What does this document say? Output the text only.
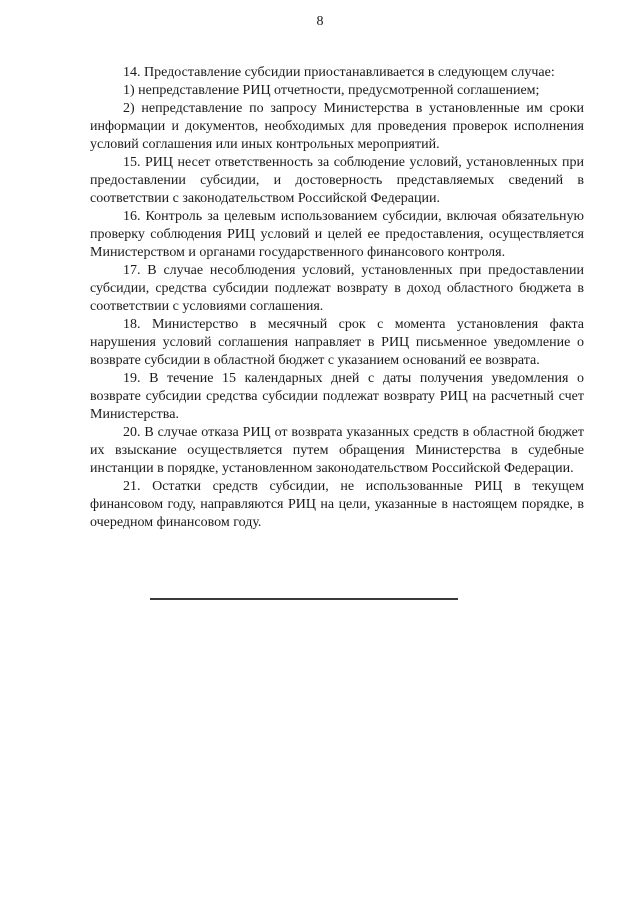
8

14. Предоставление субсидии приостанавливается в следующем случае:

1) непредставление РИЦ отчетности, предусмотренной соглашением;

2) непредставление по запросу Министерства в установленные им сроки информации и документов, необходимых для проведения проверок исполнения условий соглашения или иных контрольных мероприятий.

15. РИЦ несет ответственность за соблюдение условий, установленных при предоставлении субсидии, и достоверность представляемых сведений в соответствии с законодательством Российской Федерации.

16. Контроль за целевым использованием субсидии, включая обязательную проверку соблюдения РИЦ условий и целей ее предоставления, осуществляется Министерством и органами государственного финансового контроля.

17. В случае несоблюдения условий, установленных при предоставлении субсидии, средства субсидии подлежат возврату в доход областного бюджета в соответствии с условиями соглашения.

18. Министерство в месячный срок с момента установления факта нарушения условий соглашения направляет в РИЦ письменное уведомление о возврате субсидии в областной бюджет с указанием оснований ее возврата.

19. В течение 15 календарных дней с даты получения уведомления о возврате субсидии средства субсидии подлежат возврату РИЦ на расчетный счет Министерства.

20. В случае отказа РИЦ от возврата указанных средств в областной бюджет их взыскание осуществляется путем обращения Министерства в судебные инстанции в порядке, установленном законодательством Российской Федерации.

21. Остатки средств субсидии, не использованные РИЦ в текущем финансовом году, направляются РИЦ на цели, указанные в настоящем порядке, в очередном финансовом году.
